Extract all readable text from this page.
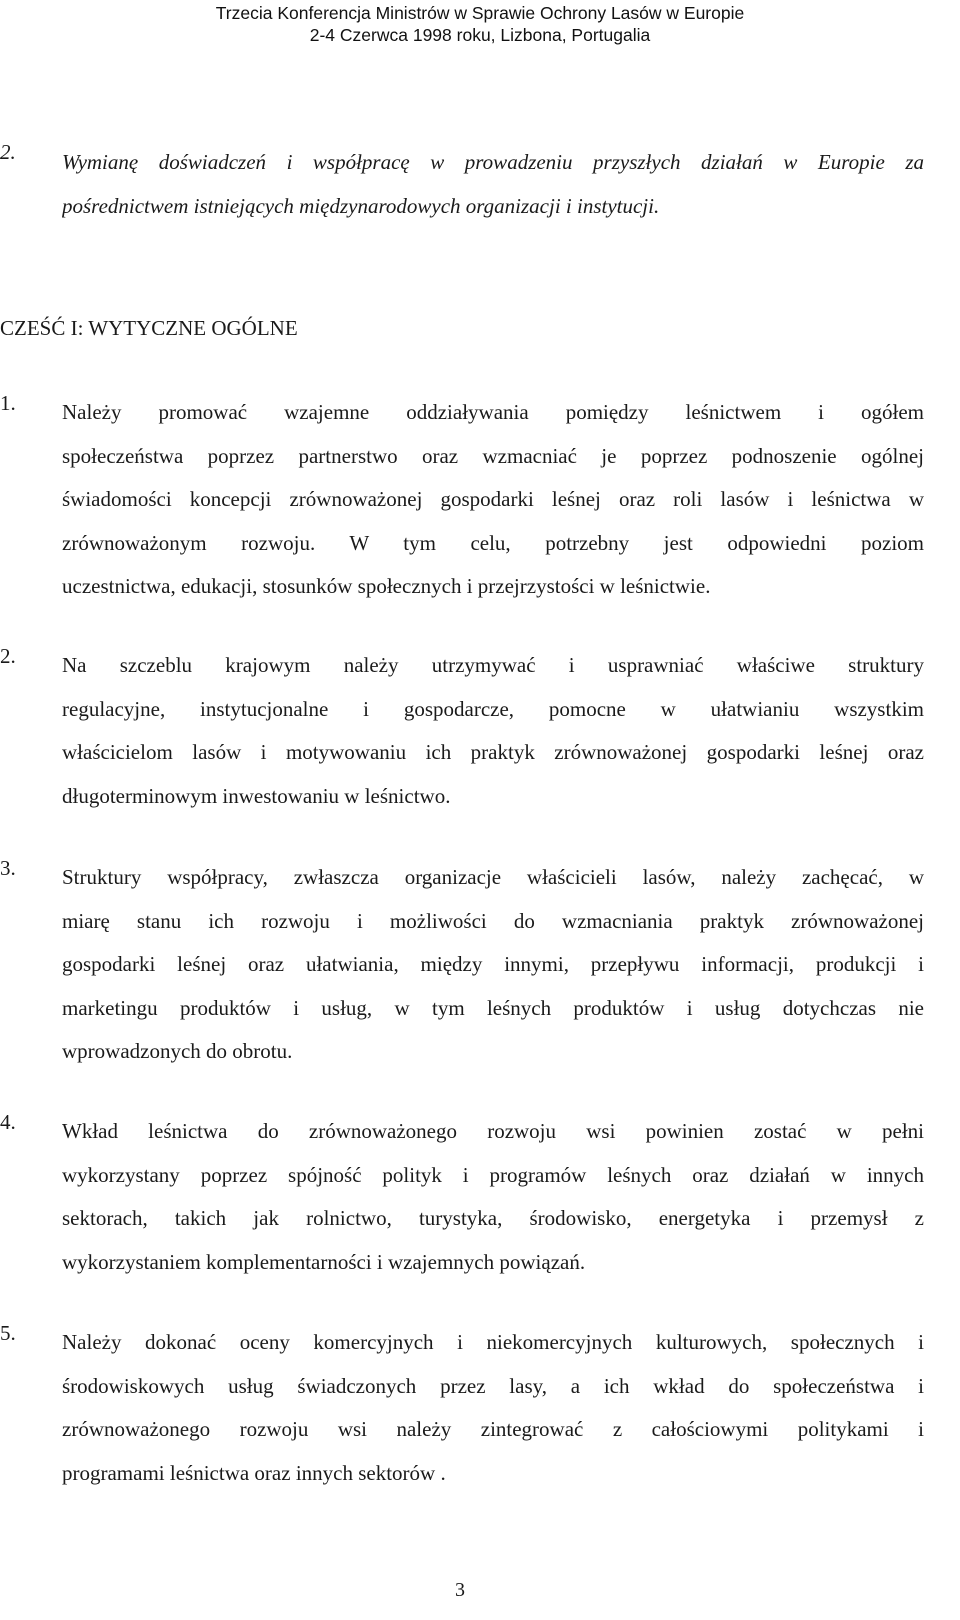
Trzecia Konferencja Ministrów w Sprawie Ochrony Lasów w Europie
2-4 Czerwca 1998 roku, Lizbona, Portugalia
2. Wymianę doświadczeń i współpracę w prowadzeniu przyszłych działań w Europie za
pośrednictwem istniejących międzynarodowych organizacji i instytucji.
CZEŚĆ I: WYTYCZNE OGÓLNE
1. Należy promować wzajemne oddziaływania pomiędzy leśnictwem i ogółem
społeczeństwa poprzez partnerstwo oraz wzmacniać je poprzez podnoszenie ogólnej
świadomości koncepcji zrównoważonej gospodarki leśnej oraz roli lasów i leśnictwa w
zrównoważonym rozwoju. W tym celu, potrzebny jest odpowiedni poziom
uczestnictwa, edukacji, stosunków społecznych i przejrzystości w leśnictwie.
2. Na szczeblu krajowym należy utrzymywać i usprawniać właściwe struktury
regulacyjne, instytucjonalne i gospodarcze, pomocne w ułatwianiu wszystkim
właścicielom lasów i motywowaniu ich praktyk zrównoważonej gospodarki leśnej oraz
długoterminowym inwestowaniu w leśnictwo.
3. Struktury współpracy, zwłaszcza organizacje właścicieli lasów, należy zachęcać, w
miarę stanu ich rozwoju i możliwości do wzmacniania praktyk zrównoważonej
gospodarki leśnej oraz ułatwiania, między innymi, przepływu informacji, produkcji i
marketingu produktów i usług, w tym leśnych produktów i usług dotychczas nie
wprowadzonych do obrotu.
4. Wkład leśnictwa do zrównoważonego rozwoju wsi powinien zostać w pełni
wykorzystany poprzez spójność polityk i programów leśnych oraz działań w innych
sektorach, takich jak rolnictwo, turystyka, środowisko, energetyka i przemysł z
wykorzystaniem komplementarności i wzajemnych powiązań.
5. Należy dokonać oceny komercyjnych i niekomercyjnych kulturowych, społecznych i
środowiskowych usług świadczonych przez lasy, a ich wkład do społeczeństwa i
zrównoważonego rozwoju wsi należy zintegrować z całościowymi politykami i
programami leśnictwa oraz innych sektorów .
3
